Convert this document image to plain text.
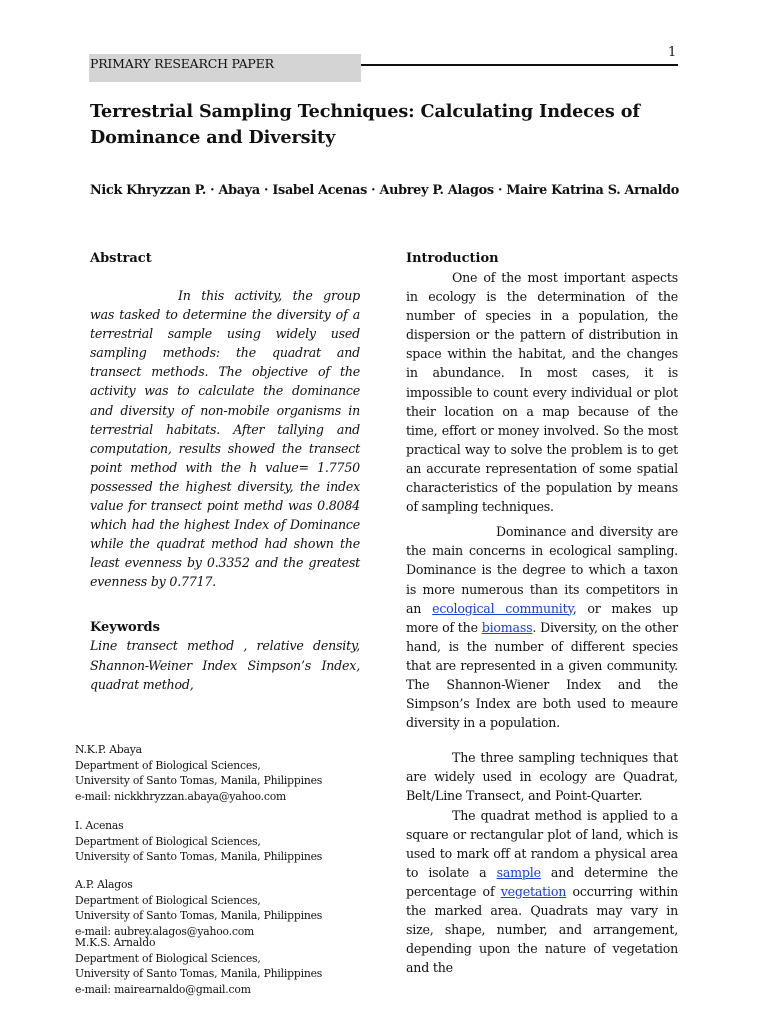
PRIMARY RESEARCH PAPER
1
Terrestrial Sampling Techniques: Calculating Indeces of Dominance and Diversity
Nick Khryzzan P. · Abaya · Isabel Acenas · Aubrey P. Alagos · Maire Katrina S. Arnaldo
Abstract
In this activity, the group was tasked to determine the diversity of a terrestrial sample using widely used sampling methods: the quadrat and transect methods. The objective of the activity was to calculate the dominance and diversity of non-mobile organisms in terrestrial habitats. After tallying and computation, results showed the transect point method with the h value= 1.7750 possessed the highest diversity, the index value for transect point methd was 0.8084 which had the highest Index of Dominance while the quadrat method had shown the least evenness by 0.3352 and the greatest evenness by 0.7717.
Keywords
Line transect method , relative density, Shannon-Weiner Index Simpson’s Index, quadrat method,

N.K.P. Abaya

Department of Biological Sciences,

University of Santo Tomas, Manila, Philippines

e-mail: nickkhryzzan.abaya@yahoo.com

I. Acenas

Department of Biological Sciences,

University of Santo Tomas, Manila, Philippines

A.P. Alagos

Department of Biological Sciences,

University of Santo Tomas, Manila, Philippines

e-mail: aubrey.alagos@yahoo.com

M.K.S. Arnaldo

Department of Biological Sciences,

University of Santo Tomas, Manila, Philippines

e-mail: mairearnaldo@gmail.com

Introduction

One of the most important aspects in ecology is the determination of the number of species in a population, the dispersion or the pattern of distribution in space within the habitat, and the changes in abundance. In most cases, it is impossible to count every individual or plot their location on a map because of the time, effort or money involved. So the most practical way to solve the problem is to get an accurate representation of some spatial characteristics of the population by means of sampling techniques.

Dominance and diversity are the main concerns in ecological sampling. Dominance is the degree to which a taxon is more numerous than its competitors in an ecological community, or makes up more of the biomass. Diversity, on the other hand, is the number of different species that are represented in a given community. The Shannon-Wiener Index and the Simpson’s Index are both used to meaure diversity in a population.

The three sampling techniques that are widely used in ecology are Quadrat, Belt/Line Transect, and Point-Quarter.

The quadrat method is applied to a square or rectangular plot of land, which is used to mark off at random a physical area to isolate a sample and determine the percentage of vegetation occurring within the marked area. Quadrats may vary in size, shape, number, and arrangement, depending upon the nature of vegetation and the
